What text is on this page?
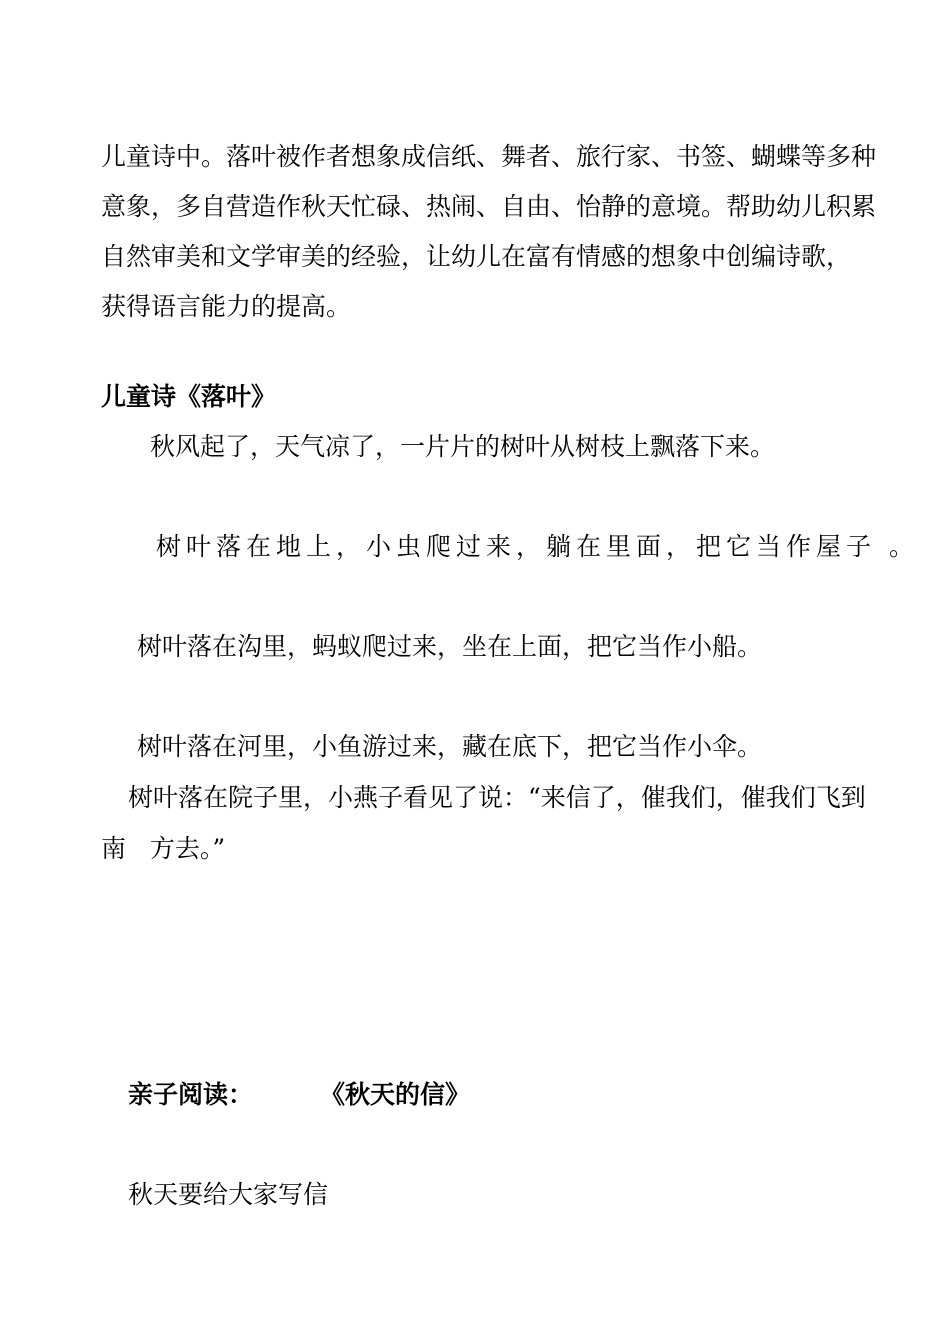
儿童诗中。落叶被作者想象成信纸、舞者、旅行家、书签、蝴蝶等多种
意象，多自营造作秋天忙碌、热闹、自由、怡静的意境。帮助幼儿积累
自然审美和文学审美的经验，让幼儿在富有情感的想象中创编诗歌，
获得语言能力的提高。
儿童诗《落叶》
秋风起了，天气凉了，一片片的树叶从树枝上飘落下来。
树叶落在地上，小虫爬过来，躺在里面，把它当作屋子 。
树叶落在沟里，蚂蚁爬过来，坐在上面，把它当作小船。
树叶落在河里，小鱼游过来，藏在底下，把它当作小伞。
树叶落在院子里，小燕子看见了说：“来信了，催我们，催我们飞到
南   方去。”
亲子阅读：	《秋天的信》
秋天要给大家写信
